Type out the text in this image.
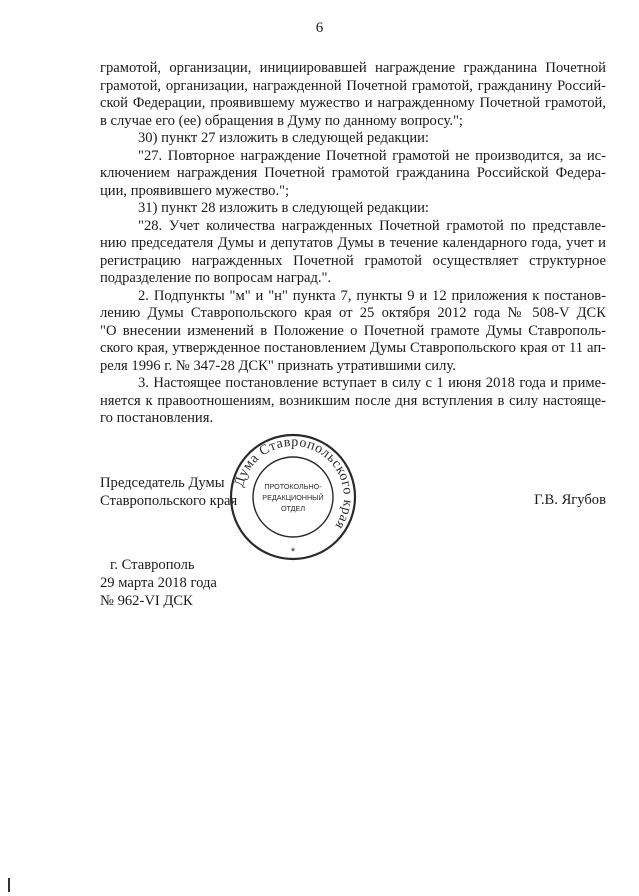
6
грамотой, организации, инициировавшей награждение гражданина Почетной
грамотой, организации, награжденной Почетной грамотой, гражданину Россий-
ской Федерации, проявившему мужество и награжденному Почетной грамотой,
в случае его (ее) обращения в Думу по данному вопросу.";
30) пункт 27 изложить в следующей редакции:
"27. Повторное награждение Почетной грамотой не производится, за ис-
ключением награждения Почетной грамотой гражданина Российской Федера-
ции, проявившего мужество.";
31) пункт 28 изложить в следующей редакции:
"28. Учет количества награжденных Почетной грамотой по представле-
нию председателя Думы и депутатов Думы в течение календарного года, учет и
регистрацию награжденных Почетной грамотой осуществляет структурное
подразделение по вопросам наград.".
2. Подпункты "м" и "н" пункта 7, пункты 9 и 12 приложения к постанов-
лению Думы Ставропольского края от 25 октября 2012 года № 508-V ДСК
"О внесении изменений в Положение о Почетной грамоте Думы Ставрополь-
ского края, утвержденное постановлением Думы Ставропольского края от 11 ап-
реля 1996 г. № 347-28 ДСК" признать утратившими силу.
3. Настоящее постановление вступает в силу с 1 июня 2018 года и приме-
няется к правоотношениям, возникшим после дня вступления в силу настояще-
го постановления.
Председатель Думы
Ставропольского края
Дума Ставропольского края
ПРОТОКОЛЬНО-
РЕДАКЦИОННЫЙ
ОТДЕЛ
*
Г.В. Ягубов
г. Ставрополь
29 марта 2018 года
№ 962-VI ДСК
